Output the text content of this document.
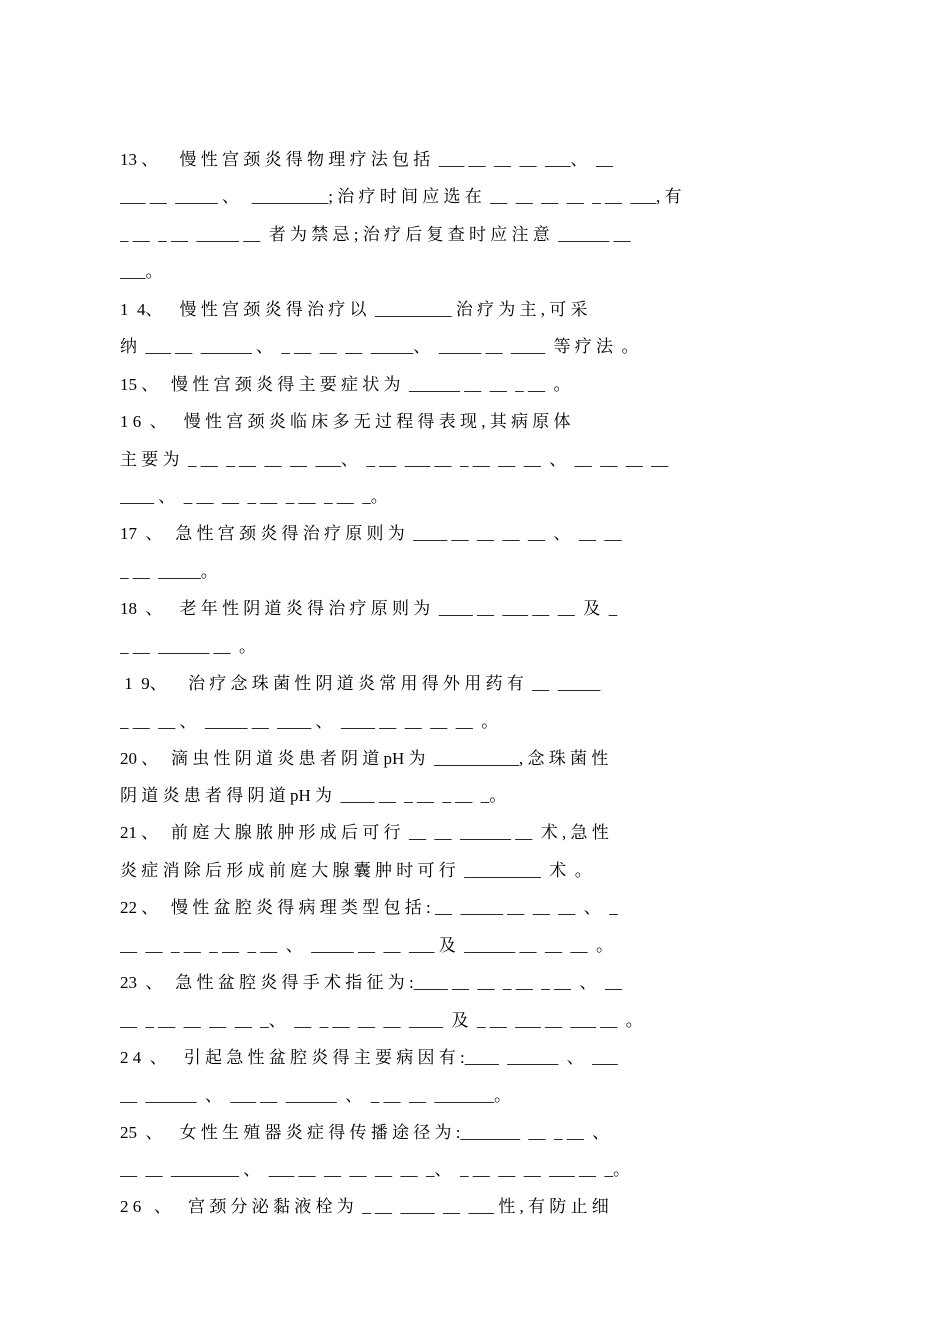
13 、     慢 性 宫 颈 炎 得 物 理 疗 法 包 括  ___ __  __  __  ___、  __
___ __  _____ 、   _________; 治 疗 时 间 应 选 在  __  __  __  __  _ __  ___, 有
_ __  _ __  _____ __  者 为 禁 忌 ; 治 疗 后 复 查 时 应 注 意  ______ __
___。
1  4、    慢 性 宫 颈 炎 得 治 疗 以  _________ 治 疗 为 主 , 可 采
纳  ___ __  ______ 、  _ __  __  __  _____、  _____ __  ____  等 疗 法  。
15 、   慢 性 宫 颈 炎 得 主 要 症 状 为  ______ __  __  _ __  。
1 6  、    慢 性 宫 颈 炎 临 床 多 无 过 程 得 表 现 , 其 病 原 体
主 要 为  _ __  _ __  __  __  ___、  _ __  ___ __  _ __  __  __  、  __  __  __  __
____ 、  _ __  __  _ __  _ __  _ __  _。
17  、   急 性 宫 颈 炎 得 治 疗 原 则 为  ____ __  __  __  __  、  __  __
_ __  _____。
18  、    老 年 性 阴 道 炎 得 治 疗 原 则 为  ____ __  ___ __  __  及  _
_ __  ______ __  。
1  9、     治 疗 念 珠 菌 性 阴 道 炎 常 用 得 外 用 药 有  __  _____
_ __  __ 、  _____ __  ____ 、  ____ __  __  __  __  。
20 、   滴 虫 性 阴 道 炎 患 者 阴 道 pH 为  __________, 念 珠 菌 性
阴 道 炎 患 者 得 阴 道 pH 为  ____ __  _ __  _ __  _。
21 、   前 庭 大 腺 脓 肿 形 成 后 可 行  __  __  ______ __  术 , 急 性
炎 症 消 除 后 形 成 前 庭 大 腺 囊 肿 时 可 行  _________  术  。
22 、   慢 性 盆 腔 炎 得 病 理 类 型 包 括 : __  _____ __  __  __  、  _
__  __  _ __  _ __  _ __  、  _____ __  __  ___ 及  ______ __  __  __  。
23  、   急 性 盆 腔 炎 得 手 术 指 征 为 :____ __  __  _ __  _ __  、  __
__  _ __  __  __  __  _、  __  _ __  __  __  ____  及  _ __  ___ __  ___ __  。
2 4  、    引 起 急 性 盆 腔 炎 得 主 要 病 因 有 :____  ______  、  ___
__  ______  、  ___ __  ______  、  _ __  __  _______。
25  、    女 性 生 殖 器 炎 症 得 传 播 途 径 为 :_______  __  _ __  、
__  __  ________ 、  ___ __  __  __  __  __  _、  _ __  __  __  ___ __  _。
2 6   、    宫 颈 分 泌 黏 液 栓 为  _ __  ____  __  ___ 性 , 有 防 止 细
